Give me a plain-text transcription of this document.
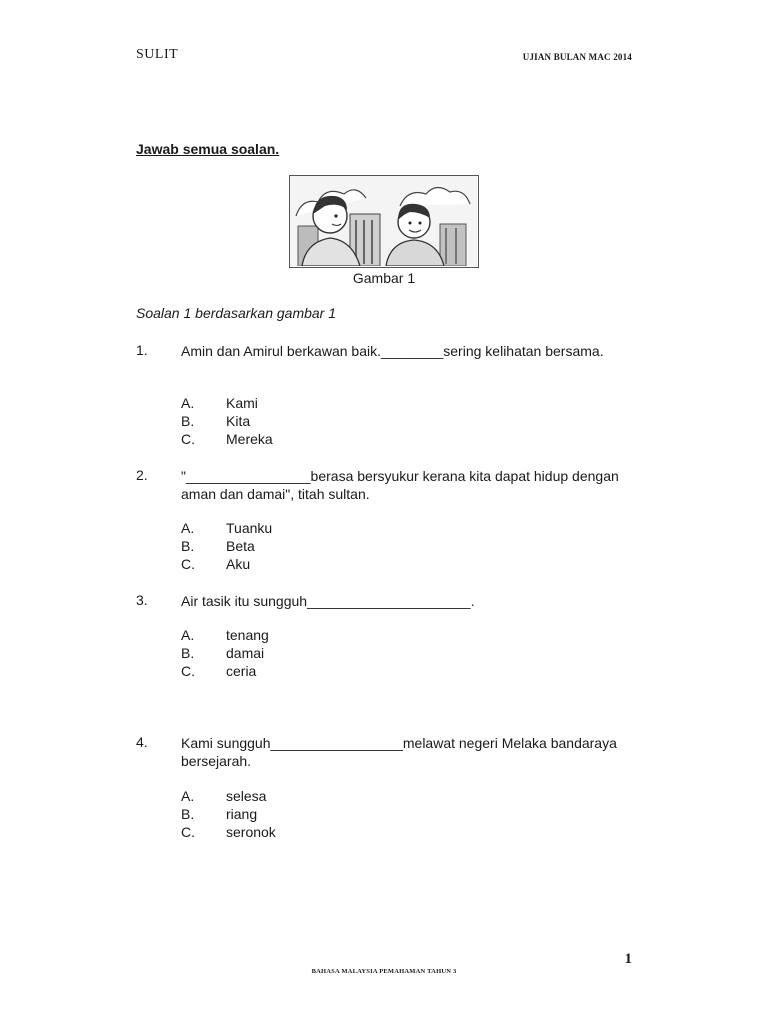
SULIT	UJIAN BULAN MAC 2014
Jawab semua soalan.
Gambar 1
Soalan 1 berdasarkan gambar 1
1. Amin dan Amirul berkawan baik.________sering kelihatan bersama.
A. Kami
B. Kita
C. Mereka
2. "________________berasa bersyukur kerana kita dapat hidup dengan aman dan damai", titah sultan.
A. Tuanku
B. Beta
C. Aku
3. Air tasik itu sungguh_____________________.
A. tenang
B. damai
C. ceria
4. Kami sungguh_________________melawat negeri Melaka bandaraya bersejarah.
A. selesa
B. riang
C. seronok
1
BAHASA MALAYSIA PEMAHAMAN TAHUN 3
